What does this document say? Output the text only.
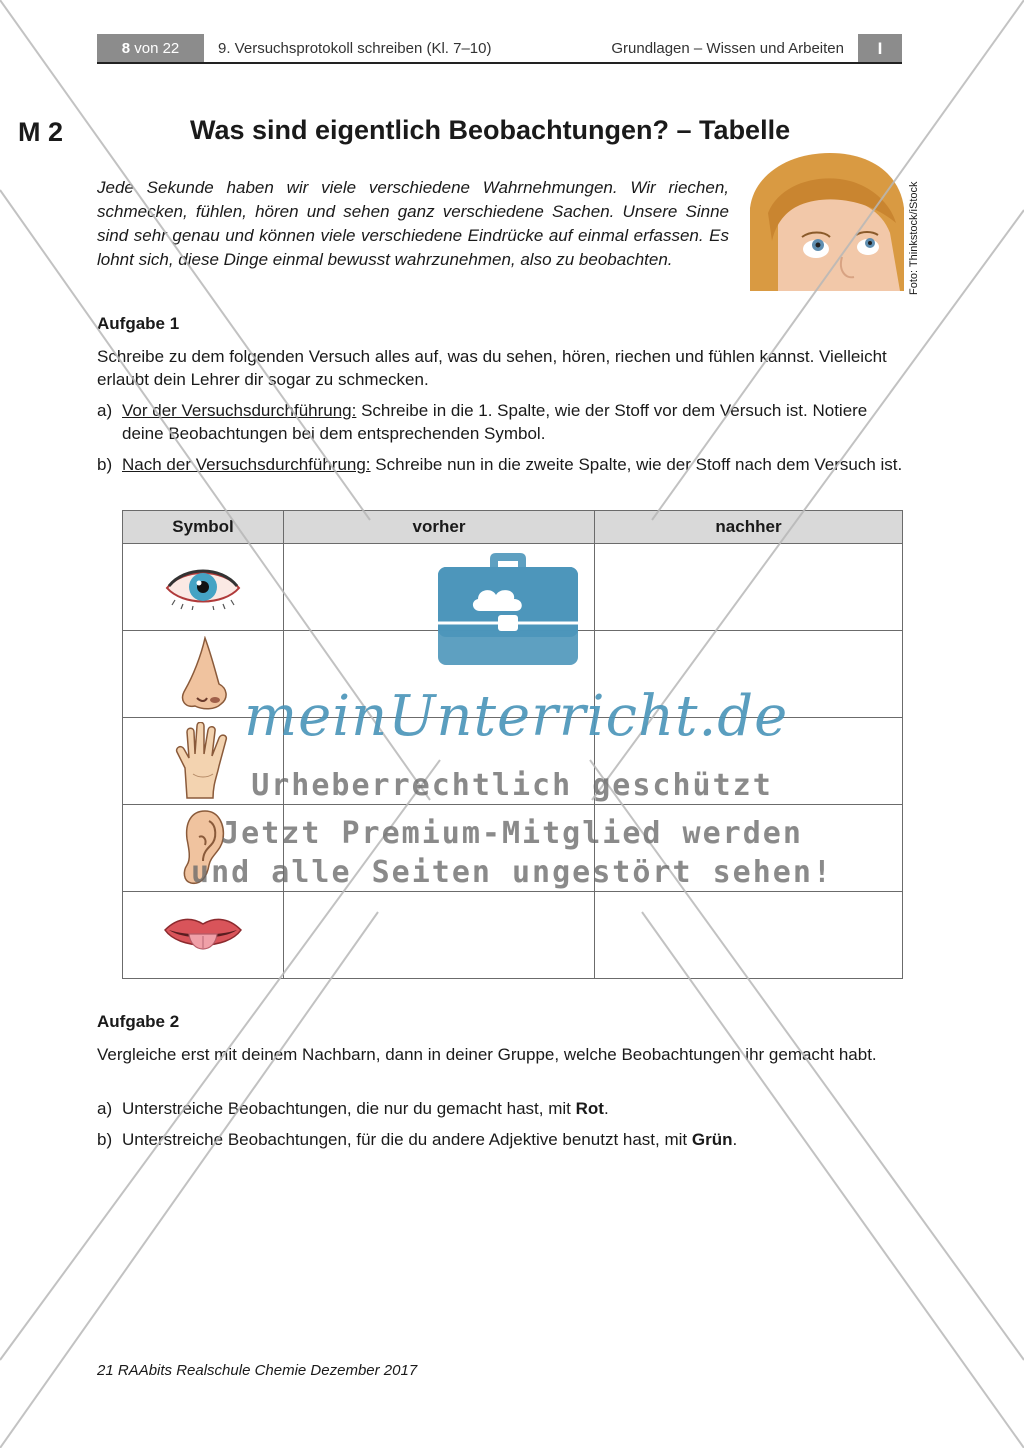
8 von 22	9. Versuchsprotokoll schreiben (Kl. 7–10)	Grundlagen – Wissen und Arbeiten	I
M 2	Was sind eigentlich Beobachtungen? – Tabelle

Jede Sekunde haben wir viele verschiedene Wahrnehmungen. Wir riechen, schmecken, fühlen, hören und sehen ganz verschiedene Sachen. Unsere Sinne sind sehr genau und können viele verschiedene Eindrücke auf einmal erfassen. Es lohnt sich, diese Dinge einmal bewusst wahrzunehmen, also zu beobachten.	Foto: Thinkstock/iStock
Aufgabe 1

Schreibe zu dem folgenden Versuch alles auf, was du sehen, hören, riechen und fühlen kannst. Vielleicht erlaubt dein Lehrer dir sogar zu schmecken.

a) Vor der Versuchsdurchführung: Schreibe in die 1. Spalte, wie der Stoff vor dem Versuch ist. Notiere deine Beobachtungen bei dem entsprechenden Symbol.
b) Nach der Versuchsdurchführung: Schreibe nun in die zweite Spalte, wie der Stoff nach dem Versuch ist.
Symbol	vorher	nachher

Aufgabe 2

Vergleiche erst mit deinem Nachbarn, dann in deiner Gruppe, welche Beobachtungen ihr gemacht habt.

a) Unterstreiche Beobachtungen, die nur du gemacht hast, mit Rot.
b) Unterstreiche Beobachtungen, für die du andere Adjektive benutzt hast, mit Grün.
21 RAAbits Realschule Chemie Dezember 2017
meinUnterricht.de
Urheberrechtlich geschützt
Jetzt Premium-Mitglied werden
und alle Seiten ungestört sehen!
